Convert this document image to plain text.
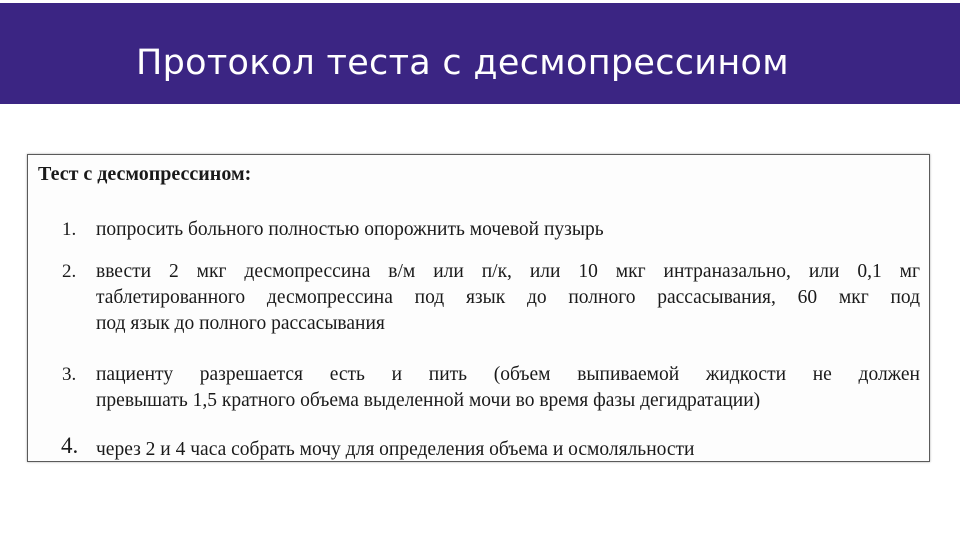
Протокол теста с десмопрессином
Тест с десмопрессином:
1. попросить больного полностью опорожнить мочевой пузырь
2. ввести 2 мкг десмопрессина в/м или п/к, или 10 мкг интраназально, или 0,1 мг
таблетированного десмопрессина под язык до полного рассасывания, 60 мкг под
под язык до полного рассасывания
3. пациенту разрешается есть и пить (объем выпиваемой жидкости не должен
превышать 1,5 кратного объема выделенной мочи во время фазы дегидратации)
4. через 2 и 4 часа собрать мочу для определения объема и осмоляльности
